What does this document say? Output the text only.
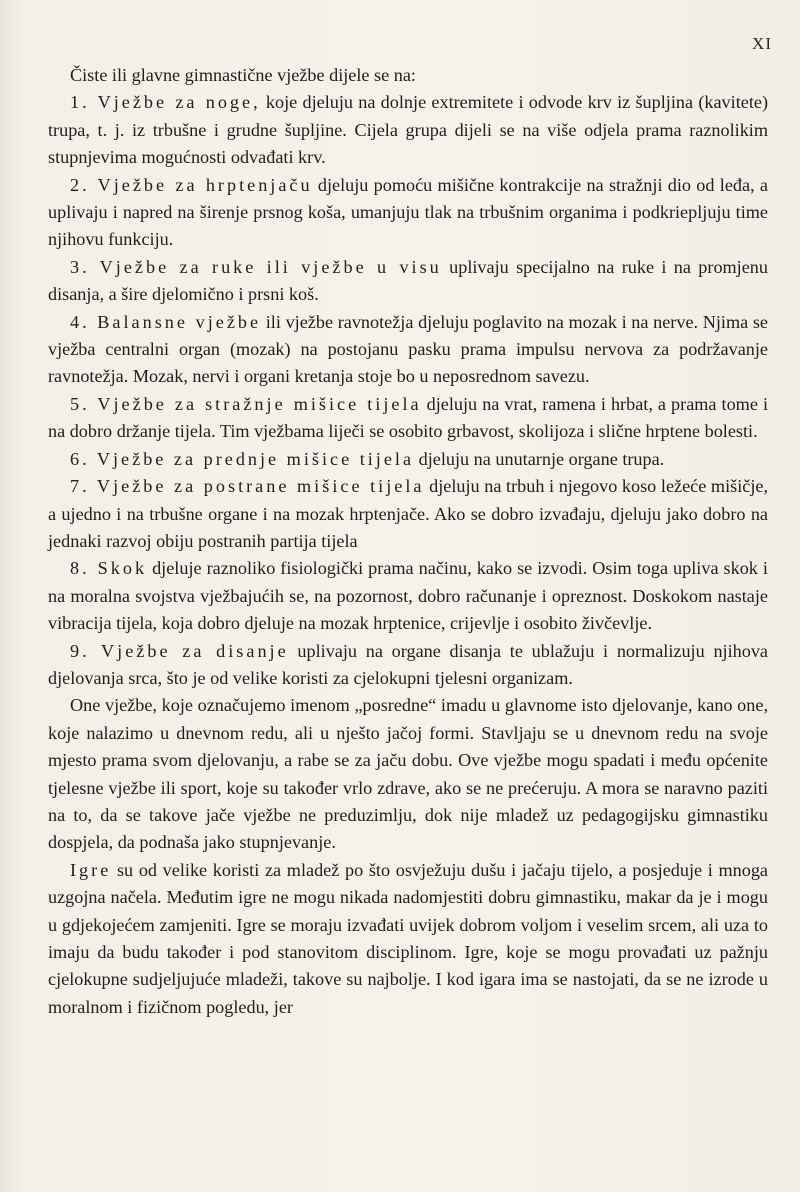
XI

Čiste ili glavne gimnastične vježbe dijele se na:

1. Vježbe za noge, koje djeluju na dolnje extremitete i odvode krv iz šupljina (kavitete) trupa, t. j. iz trbušne i grudne šupljine. Cijela grupa dijeli se na više odjela prama raznolikim stupnjevima mogućnosti odvađati krv.

2. Vježbe za hrptenjaču djeluju pomoću mišične kontrakcije na stražnji dio od leđa, a uplivaju i napred na širenje prsnog koša, umanjuju tlak na trbušnim organima i podkriepljuju time njihovu funkciju.

3. Vježbe za ruke ili vježbe u visu uplivaju specijalno na ruke i na promjenu disanja, a šire djelomično i prsni koš.

4. Balansne vježbe ili vježbe ravnotežja djeluju poglavito na mozak i na nerve. Njima se vježba centralni organ (mozak) na postojanu pasku prama impulsu nervova za podržavanje ravnotežja. Mozak, nervi i organi kretanja stoje bo u neposrednom savezu.

5. Vježbe za stražnje mišice tijela djeluju na vrat, ramena i hrbat, a prama tome i na dobro držanje tijela. Tim vježbama liječi se osobito grbavost, skolijoza i slične hrptene bolesti.

6. Vježbe za prednje mišice tijela djeluju na unutarnje organe trupa.

7. Vježbe za postrane mišice tijela djeluju na trbuh i njegovo koso ležeće mišičje, a ujedno i na trbušne organe i na mozak hrptenjače. Ako se dobro izvađaju, djeluju jako dobro na jednaki razvoj obiju postranih partija tijela

8. Skok djeluje raznoliko fisiologički prama načinu, kako se izvodi. Osim toga upliva skok i na moralna svojstva vježbajućih se, na pozornost, dobro računanje i opreznost. Doskokom nastaje vibracija tijela, koja dobro djeluje na mozak hrptenice, crijevlje i osobito živčevlje.

9. Vježbe za disanje uplivaju na organe disanja te ublažuju i normalizuju njihova djelovanja srca, što je od velike koristi za cjelokupni tjelesni organizam.

One vježbe, koje označujemo imenom „posredne“ imadu u glavnome isto djelovanje, kano one, koje nalazimo u dnevnom redu, ali u nješto jačoj formi. Stavljaju se u dnevnom redu na svoje mjesto prama svom djelovanju, a rabe se za jaču dobu. Ove vježbe mogu spadati i među općenite tjelesne vježbe ili sport, koje su također vrlo zdrave, ako se ne prećeruju. A mora se naravno paziti na to, da se takove jače vježbe ne preduzimlju, dok nije mladež uz pedagogijsku gimnastiku dospjela, da podnaša jako stupnjevanje.

Igre su od velike koristi za mladež po što osvježuju dušu i jačaju tijelo, a posjeduje i mnoga uzgojna načela. Međutim igre ne mogu nikada nadomjestiti dobru gimnastiku, makar da je i mogu u gdjekojećem zamjeniti. Igre se moraju izvađati uvijek dobrom voljom i veselim srcem, ali uza to imaju da budu također i pod stanovitom disciplinom. Igre, koje se mogu provađati uz pažnju cjelokupne sudjeljujuće mladeži, takove su najbolje. I kod igara ima se nastojati, da se ne izrode u moralnom i fizičnom pogledu, jer
